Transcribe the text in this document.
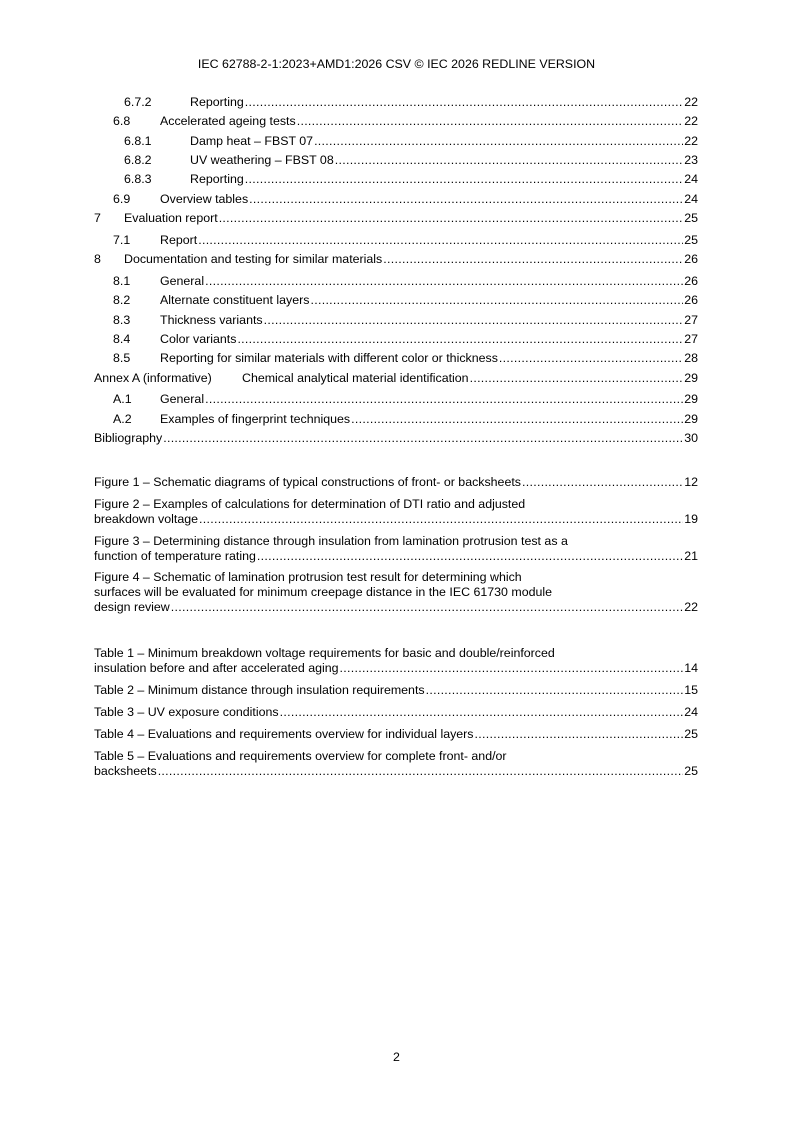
IEC 62788-2-1:2023+AMD1:2026 CSV © IEC 2026 REDLINE VERSION
6.7.2	Reporting .....	22
6.8	Accelerated ageing tests .....	22
6.8.1	Damp heat – FBST 07 .....	22
6.8.2	UV weathering – FBST 08 .....	23
6.8.3	Reporting .....	24
6.9	Overview tables .....	24
7	Evaluation report .....	25
7.1	Report .....	25
8	Documentation and testing for similar materials .....	26
8.1	General .....	26
8.2	Alternate constituent layers .....	26
8.3	Thickness variants .....	27
8.4	Color variants .....	27
8.5	Reporting for similar materials with different color or thickness .....	28
Annex A (informative)	Chemical analytical material identification .....	29
A.1	General .....	29
A.2	Examples of fingerprint techniques .....	29
Bibliography .....	30
Figure 1 – Schematic diagrams of typical constructions of front- or backsheets .....	12
Figure 2 – Examples of calculations for determination of DTI ratio and adjusted
breakdown voltage .....	19
Figure 3 – Determining distance through insulation from lamination protrusion test as a
function of temperature rating .....	21
Figure 4 – Schematic of lamination protrusion test result for determining which
surfaces will be evaluated for minimum creepage distance in the IEC 61730 module
design review .....	22
Table 1 – Minimum breakdown voltage requirements for basic and double/reinforced
insulation before and after accelerated aging .....	14
Table 2 – Minimum distance through insulation requirements .....	15
Table 3 – UV exposure conditions .....	24
Table 4 – Evaluations and requirements overview for individual layers .....	25
Table 5 – Evaluations and requirements overview for complete front- and/or
backsheets .....	25
2
